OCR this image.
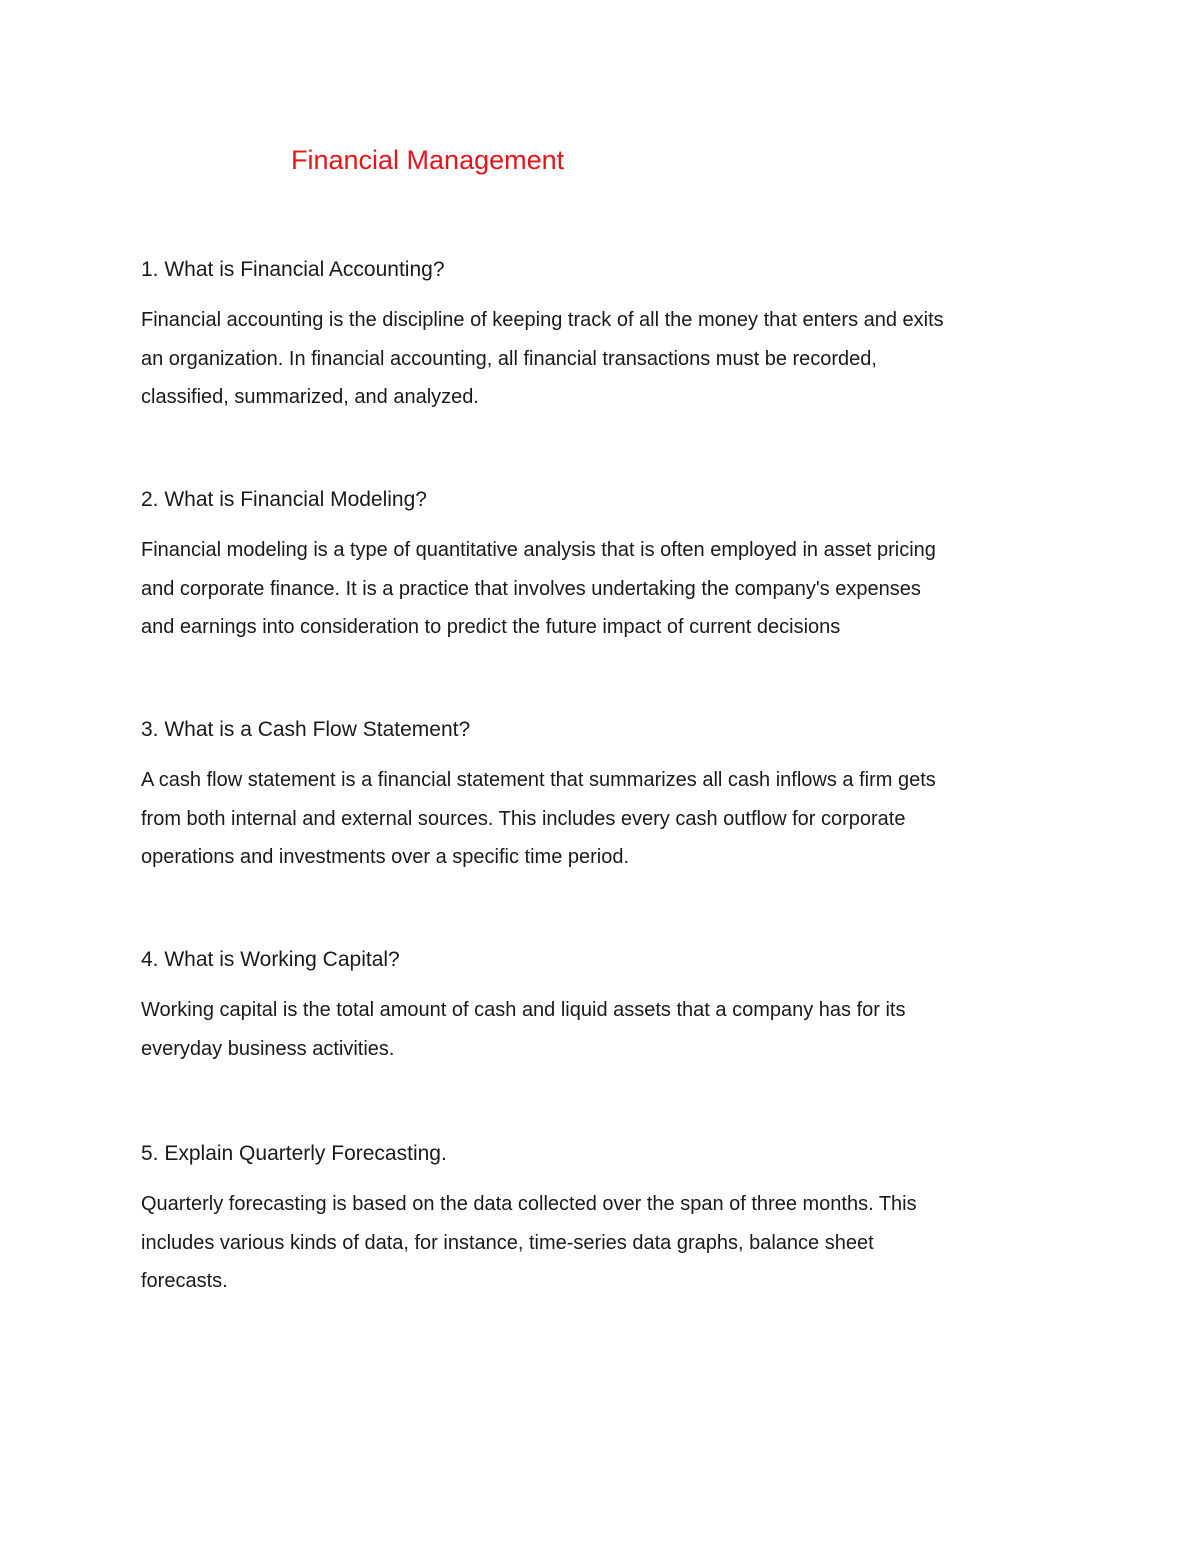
Financial Management
1. What is Financial Accounting?

Financial accounting is the discipline of keeping track of all the money that enters and exits
an organization. In financial accounting, all financial transactions must be recorded,
classified, summarized, and analyzed.

2. What is Financial Modeling?

Financial modeling is a type of quantitative analysis that is often employed in asset pricing
and corporate finance. It is a practice that involves undertaking the company's expenses
and earnings into consideration to predict the future impact of current decisions

3. What is a Cash Flow Statement?

A cash flow statement is a financial statement that summarizes all cash inflows a firm gets
from both internal and external sources. This includes every cash outflow for corporate
operations and investments over a specific time period.

4. What is Working Capital?

Working capital is the total amount of cash and liquid assets that a company has for its
everyday business activities.

5. Explain Quarterly Forecasting.

Quarterly forecasting is based on the data collected over the span of three months. This
includes various kinds of data, for instance, time-series data graphs, balance sheet
forecasts.
